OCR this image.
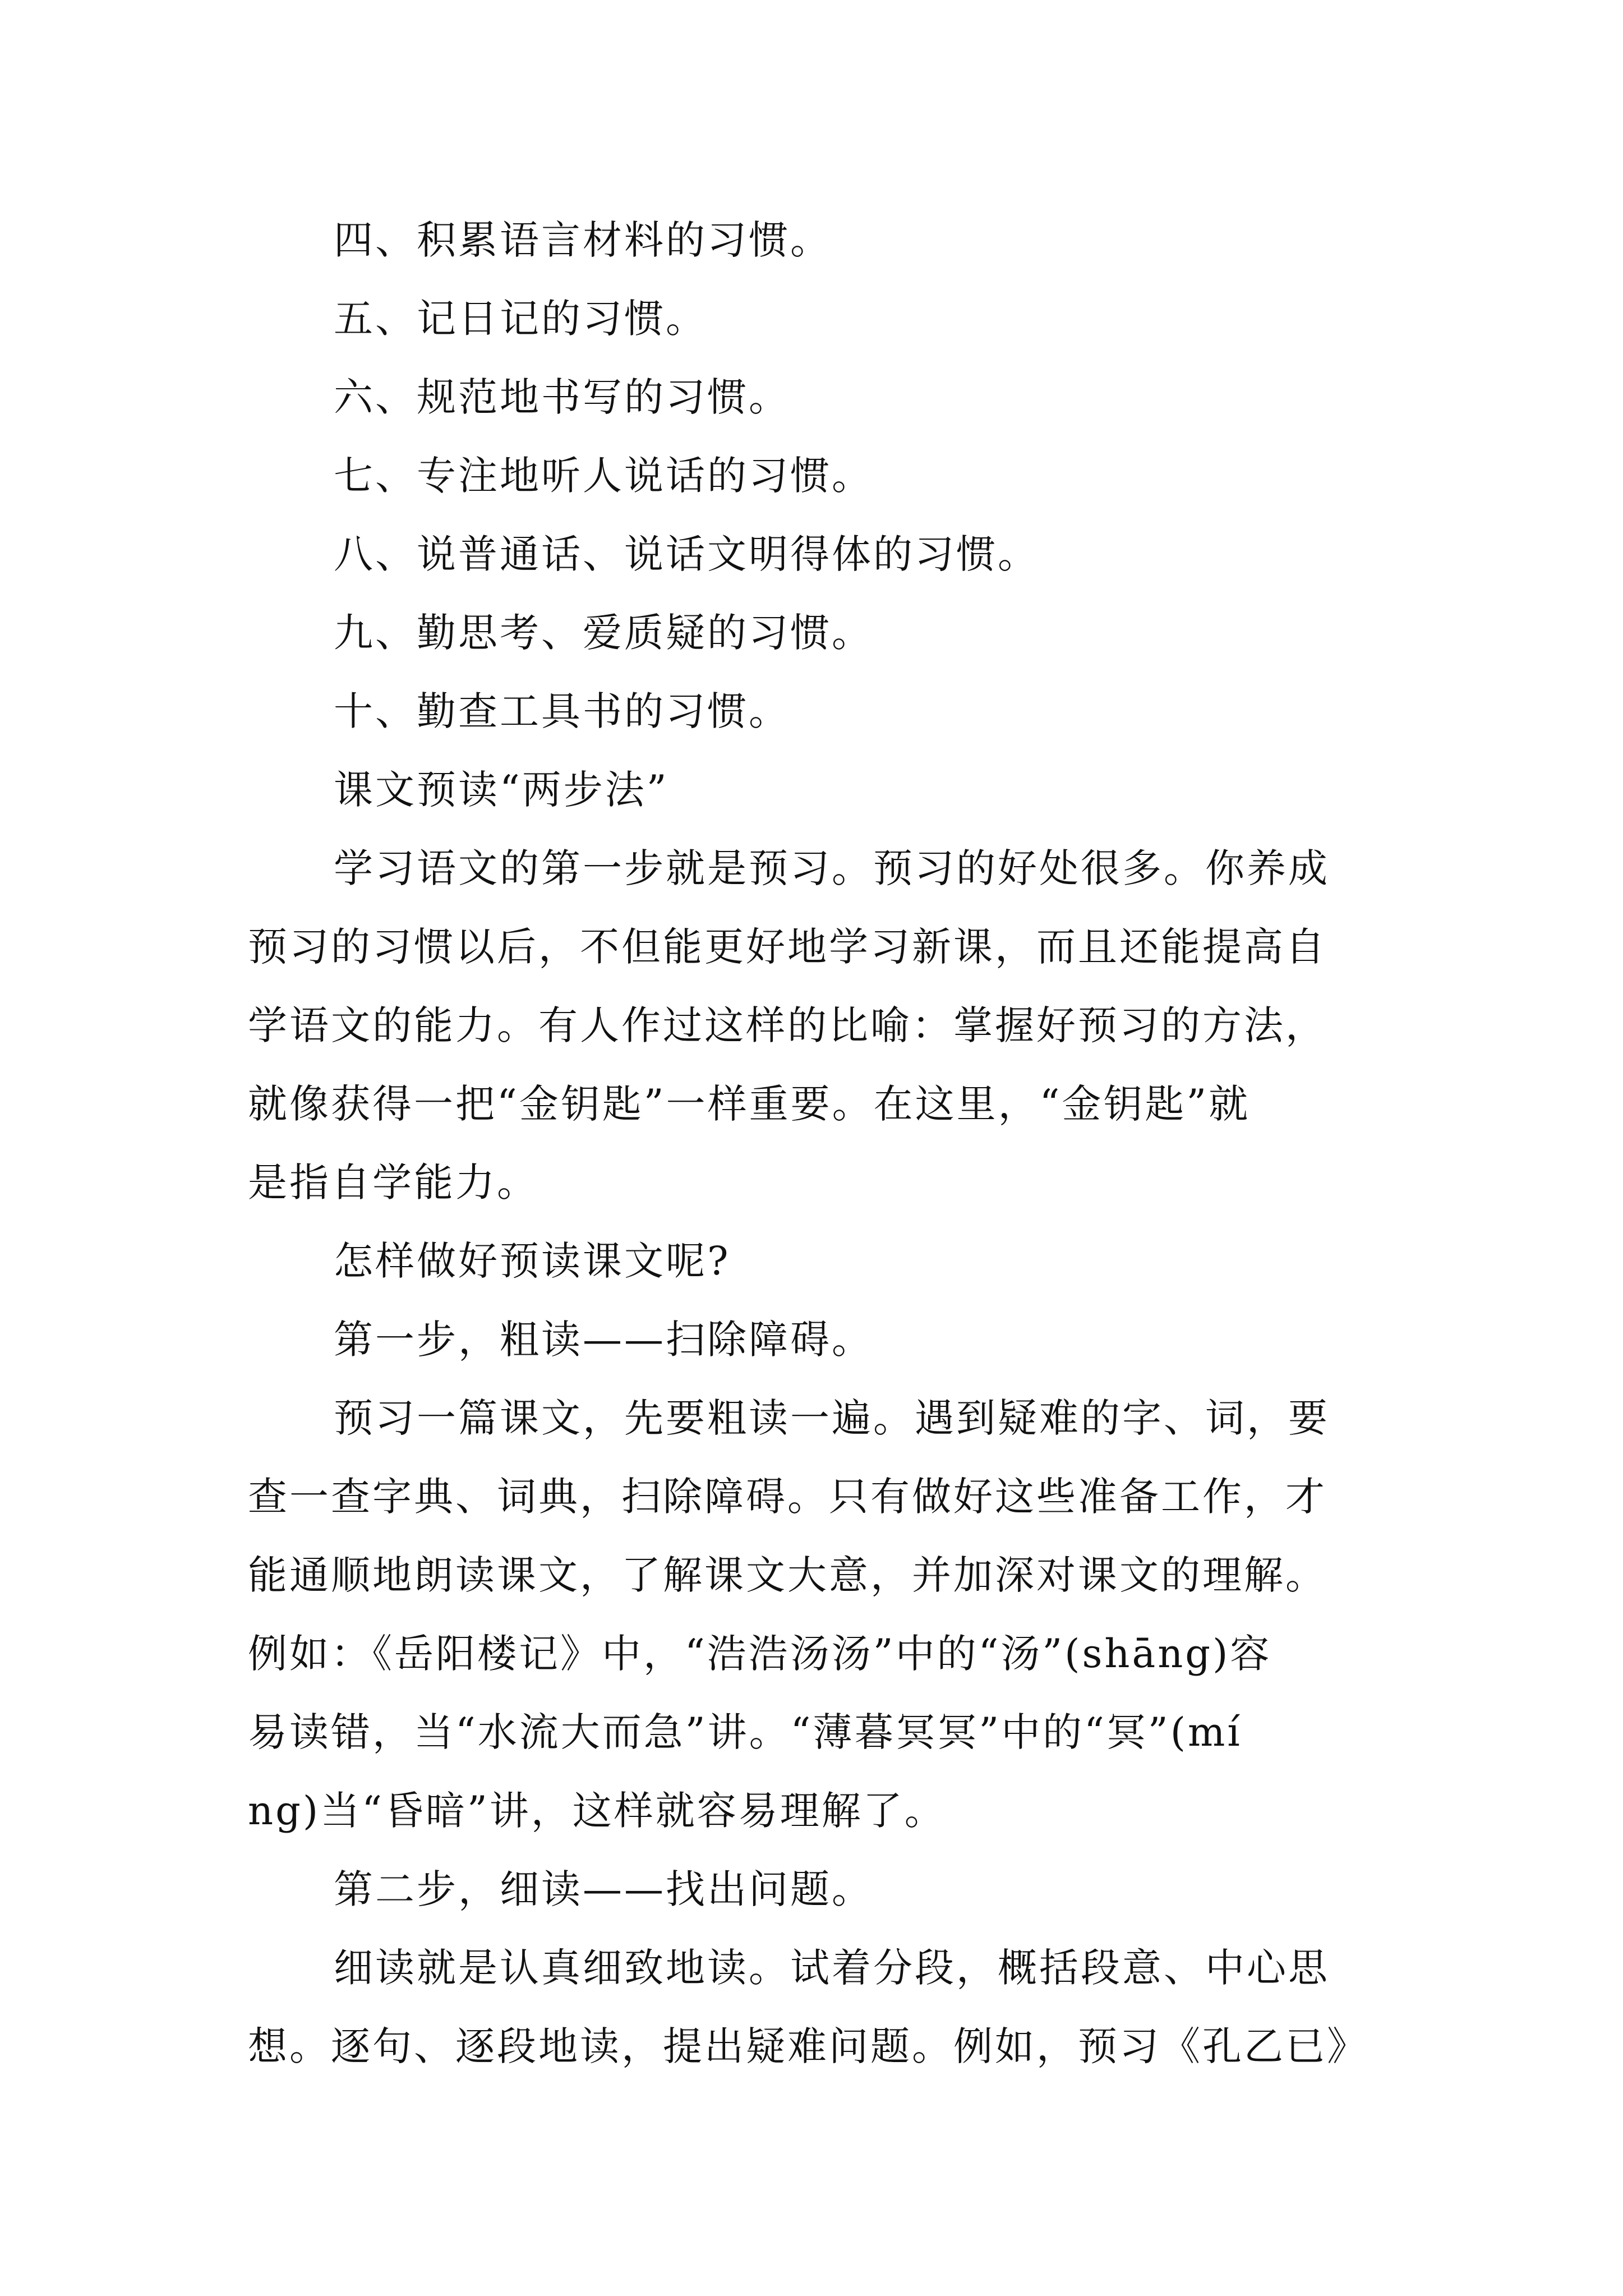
四、积累语言材料的习惯。
五、记日记的习惯。
六、规范地书写的习惯。
七、专注地听人说话的习惯。
八、说普通话、说话文明得体的习惯。
九、勤思考、爱质疑的习惯。
十、勤查工具书的习惯。
课文预读“两步法”
学习语文的第一步就是预习。预习的好处很多。你养成
预习的习惯以后，不但能更好地学习新课，而且还能提高自
学语文的能力。有人作过这样的比喻：掌握好预习的方法，
就像获得一把“金钥匙”一样重要。在这里，“金钥匙”就
是指自学能力。
怎样做好预读课文呢?
第一步，粗读——扫除障碍。
预习一篇课文，先要粗读一遍。遇到疑难的字、词，要
查一查字典、词典，扫除障碍。只有做好这些准备工作，才
能通顺地朗读课文，了解课文大意，并加深对课文的理解。
例如：《岳阳楼记》中，“浩浩汤汤”中的“汤”(shāng)容
易读错，当“水流大而急”讲。“薄暮冥冥”中的“冥”(mí
ng)当“昏暗”讲，这样就容易理解了。
第二步，细读——找出问题。
细读就是认真细致地读。试着分段，概括段意、中心思
想。逐句、逐段地读，提出疑难问题。例如，预习《孔乙已》
